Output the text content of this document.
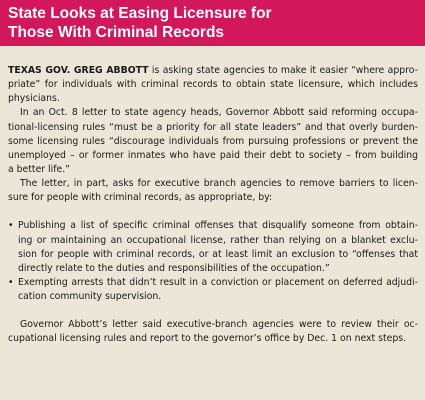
State Looks at Easing Licensure for
Those With Criminal Records
TEXAS GOV. GREG ABBOTT is asking state agencies to make it easier “where appro-
priate” for individuals with criminal records to obtain state licensure, which includes
physicians.
In an Oct. 8 letter to state agency heads, Governor Abbott said reforming occupa-
tional-licensing rules “must be a priority for all state leaders” and that overly burden-
some licensing rules “discourage individuals from pursuing professions or prevent the
unemployed – or former inmates who have paid their debt to society – from building
a better life.”
The letter, in part, asks for executive branch agencies to remove barriers to licen-
sure for people with criminal records, as appropriate, by:
• Publishing a list of specific criminal offenses that disqualify someone from obtain-
ing or maintaining an occupational license, rather than relying on a blanket exclu-
sion for people with criminal records, or at least limit an exclusion to “offenses that
directly relate to the duties and responsibilities of the occupation.”
• Exempting arrests that didn’t result in a conviction or placement on deferred adjudi-
cation community supervision.
Governor Abbott’s letter said executive-branch agencies were to review their oc-
cupational licensing rules and report to the governor’s office by Dec. 1 on next steps.
